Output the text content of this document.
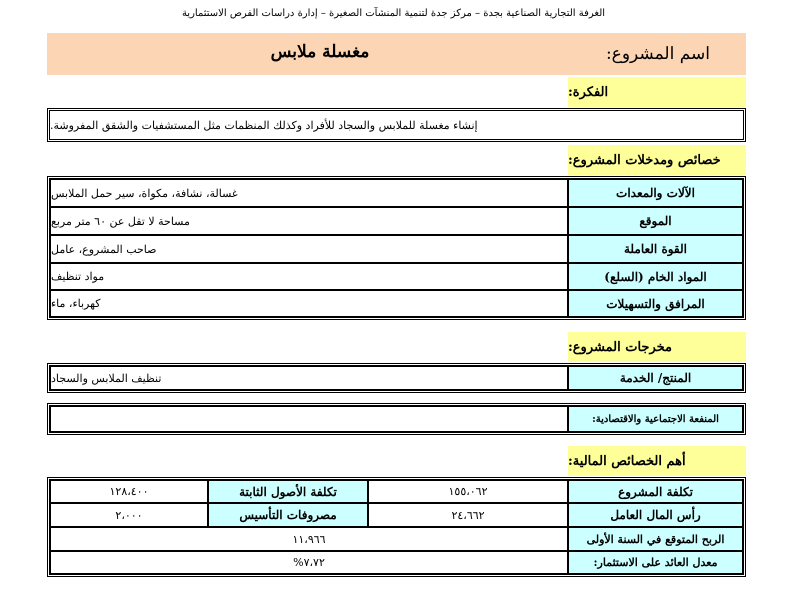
الغرفة التجارية الصناعية بجدة – مركز جدة لتنمية المنشآت الصغيرة – إدارة دراسات الفرص الاستثمارية
اسم المشروع:
مغسلة ملابس
الفكرة:
إنشاء مغسلة للملابس والسجاد للأفراد وكذلك المنظمات مثل المستشفيات والشقق المفروشة.
خصائص ومدخلات المشروع:
الآلات والمعدات
غسالة، نشافة، مكواة، سير حمل الملابس
الموقع
مساحة لا تقل عن ٦٠ متر مربع
القوة العاملة
صاحب المشروع، عامل
المواد الخام (السلع)
مواد تنظيف
المرافق والتسهيلات
كهرباء، ماء
مخرجات المشروع:
المنتج/ الخدمة
تنظيف الملابس والسجاد
المنفعة الاجتماعية والاقتصادية:
أهم الخصائص المالية:
تكلفة المشروع
١٥٥،٠٦٢
تكلفة الأصول الثابتة
١٢٨،٤٠٠
رأس المال العامل
٢٤،٦٦٢
مصروفات التأسيس
٢،٠٠٠
الربح المتوقع في السنة الأولى
١١،٩٦٦
معدل العائد على الاستثمار:
%٧،٧٢
